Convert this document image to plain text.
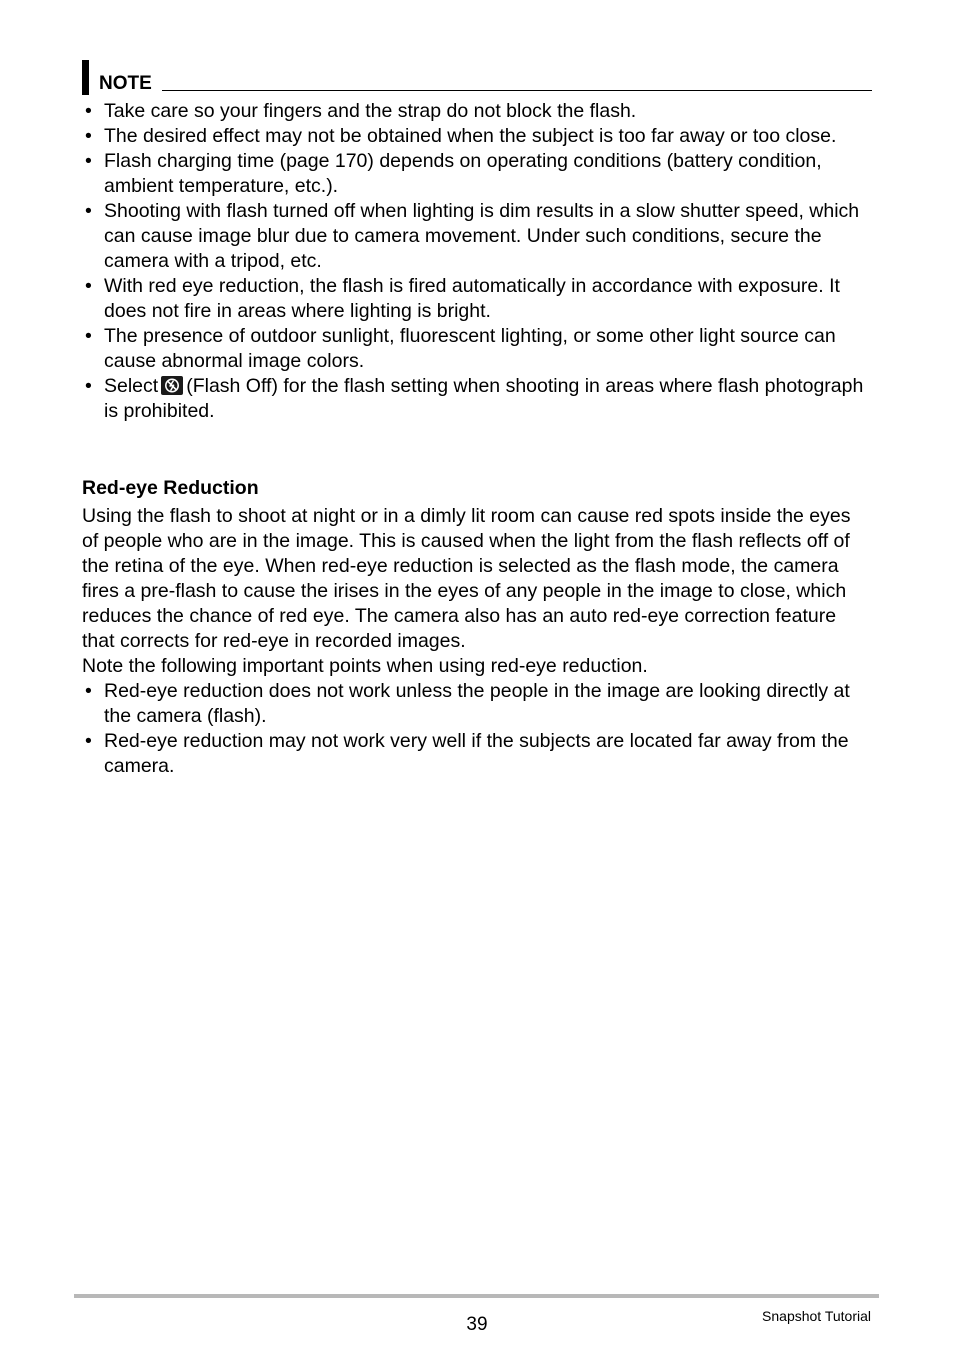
NOTE
• Take care so your fingers and the strap do not block the flash.
• The desired effect may not be obtained when the subject is too far away or too close.
• Flash charging time (page 170) depends on operating conditions (battery condition, ambient temperature, etc.).
• Shooting with flash turned off when lighting is dim results in a slow shutter speed, which can cause image blur due to camera movement. Under such conditions, secure the camera with a tripod, etc.
• With red eye reduction, the flash is fired automatically in accordance with exposure. It does not fire in areas where lighting is bright.
• The presence of outdoor sunlight, fluorescent lighting, or some other light source can cause abnormal image colors.
• Select (Flash Off) for the flash setting when shooting in areas where flash photograph is prohibited.
Red-eye Reduction

Using the flash to shoot at night or in a dimly lit room can cause red spots inside the eyes of people who are in the image. This is caused when the light from the flash reflects off of the retina of the eye. When red-eye reduction is selected as the flash mode, the camera fires a pre-flash to cause the irises in the eyes of any people in the image to close, which reduces the chance of red eye. The camera also has an auto red-eye correction feature that corrects for red-eye in recorded images.

Note the following important points when using red-eye reduction.

• Red-eye reduction does not work unless the people in the image are looking directly at the camera (flash).
• Red-eye reduction may not work very well if the subjects are located far away from the camera.
39	Snapshot Tutorial
